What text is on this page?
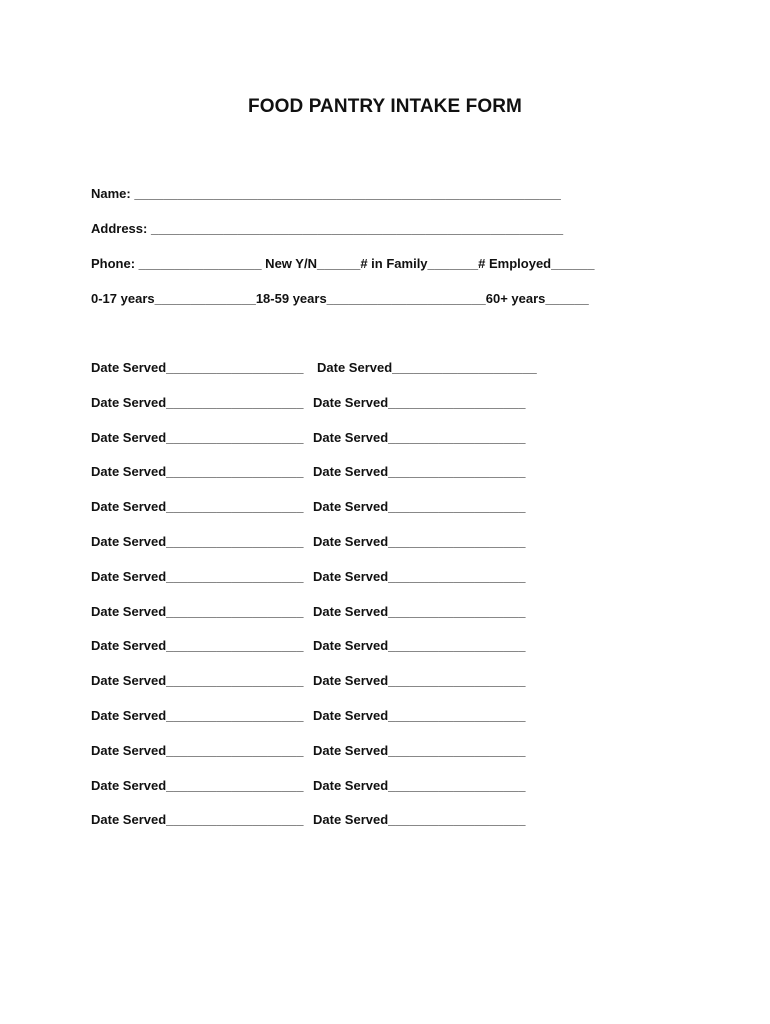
FOOD PANTRY INTAKE FORM
Name: ___________________________________________________________
Address: _________________________________________________________
Phone: _________________ New Y/N______# in Family_______# Employed______
0-17 years______________18-59 years______________________60+ years______
Date Served___________________ Date Served____________________
Date Served___________________ Date Served___________________
Date Served___________________ Date Served___________________
Date Served___________________ Date Served___________________
Date Served___________________ Date Served___________________
Date Served___________________ Date Served___________________
Date Served___________________ Date Served___________________
Date Served___________________ Date Served___________________
Date Served___________________ Date Served___________________
Date Served___________________ Date Served___________________
Date Served___________________ Date Served___________________
Date Served___________________ Date Served___________________
Date Served___________________ Date Served___________________
Date Served___________________ Date Served___________________
